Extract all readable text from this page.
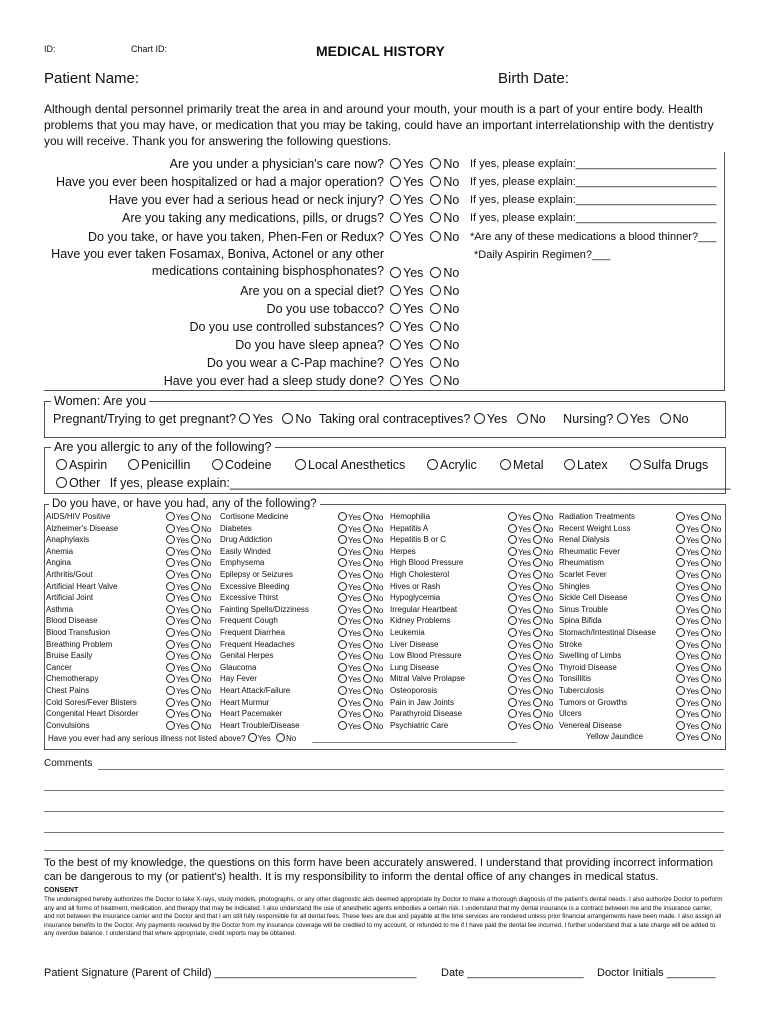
ID:	Chart ID:	MEDICAL HISTORY
Patient Name:	Birth Date:
Although dental personnel primarily treat the area in and around your mouth, your mouth is a part of your entire body. Health problems that you may have, or medication that you may be taking, could have an important interrelationship with the dentistry you will receive. Thank you for answering the following questions.
Are you under a physician's care now?	Yes No If yes, please explain:_______________________
Have you ever been hospitalized or had a major operation?	Yes No If yes, please explain:_______________________
Have you ever had a serious head or neck injury?	Yes No If yes, please explain:_______________________
Are you taking any medications, pills, or drugs?	Yes No If yes, please explain:_______________________
Do you take, or have you taken, Phen-Fen or Redux?	Yes No *Are any of these medications a blood thinner?___
Have you ever taken Fosamax, Boniva, Actonel or any other medications containing bisphosphonates?	Yes No
*Daily Aspirin Regimen?___
Are you on a special diet?	Yes No
Do you use tobacco?	Yes No
Do you use controlled substances?	Yes No
Do you have sleep apnea?	Yes No
Do you wear a C-Pap machine?	Yes No
Have you ever had a sleep study done?	Yes No
Women: Are you
Pregnant/Trying to get pregnant? Yes No Taking oral contraceptives? Yes No Nursing? Yes No
Are you allergic to any of the following?
Aspirin	Penicillin	Codeine	Local Anesthetics	Acrylic	Metal	Latex	Sulfa Drugs
Other If yes, please explain:________________________________________________________________________
Do you have, or have you had, any of the following?
AIDS/HIV Positive	Yes No
Alzheimer's Disease	Yes No
Anaphylaxis	Yes No
Anemia	Yes No
Angina	Yes No
Arthritis/Gout	Yes No
Artificial Heart Valve	Yes No
Artificial Joint	Yes No
Asthma	Yes No
Blood Disease	Yes No
Blood Transfusion	Yes No
Breathing Problem	Yes No
Bruise Easily	Yes No
Cancer	Yes No
Chemotherapy	Yes No
Chest Pains	Yes No
Cold Sores/Fever Blisters	Yes No
Congenital Heart Disorder	Yes No
Convulsions	Yes No
Cortisone Medicine	Yes No
Diabetes	Yes No
Drug Addiction	Yes No
Easily Winded	Yes No
Emphysema	Yes No
Epilepsy or Seizures	Yes No
Excessive Bleeding	Yes No
Excessive Thirst	Yes No
Fainting Spells/Dizziness	Yes No
Frequent Cough	Yes No
Frequent Diarrhea	Yes No
Frequent Headaches	Yes No
Genital Herpes	Yes No
Glaucoma	Yes No
Hay Fever	Yes No
Heart Attack/Failure	Yes No
Heart Murmur	Yes No
Heart Pacemaker	Yes No
Heart Trouble/Disease	Yes No
Hemophilia	Yes No
Hepatitis A	Yes No
Hepatitis B or C	Yes No
Herpes	Yes No
High Blood Pressure	Yes No
High Cholesterol	Yes No
Hives or Rash	Yes No
Hypoglycemia	Yes No
Irregular Heartbeat	Yes No
Kidney Problems	Yes No
Leukemia	Yes No
Liver Disease	Yes No
Low Blood Pressure	Yes No
Lung Disease	Yes No
Mitral Valve Prolapse	Yes No
Osteoporosis	Yes No
Pain in Jaw Joints	Yes No
Parathyroid Disease	Yes No
Psychiatric Care	Yes No
Radiation Treatments	Yes No
Recent Weight Loss	Yes No
Renal Dialysis	Yes No
Rheumatic Fever	Yes No
Rheumatism	Yes No
Scarlet Fever	Yes No
Shingles	Yes No
Sickle Cell Disease	Yes No
Sinus Trouble	Yes No
Spina Bifida	Yes No
Stomach/Intestinal Disease	Yes No
Stroke	Yes No
Swelling of Limbs	Yes No
Thyroid Disease	Yes No
Tonsillitis	Yes No
Tuberculosis	Yes No
Tumors or Growths	Yes No
Ulcers	Yes No
Venereal Disease	Yes No
Yellow Jaundice	Yes No
Have you ever had any serious illness not listed above? Yes No ______________________________________________
Comments
To the best of my knowledge, the questions on this form have been accurately answered. I understand that providing incorrect information can be dangerous to my (or patient's) health. It is my responsibility to inform the dental office of any changes in medical status.
CONSENT
The undersigned hereby authorizes the Doctor to take X-rays, study models, photographs, or any other diagnostic aids deemed appropriate by Doctor to make a thorough diagnosis of the patient's dental needs. I also authorize Doctor to perform any and all forms of treatment, medication, and therapy that may be indicated. I also understand the use of anesthetic agents embodies a certain risk. I understand that my dental insurance is a contract between me and the insurance carrier, and not between the insurance carrier and the Doctor and that I am still fully responsible for all dental fees. These fees are due and payable at the time services are rendered unless prior financial arrangements have been made. I also assign all insurance benefits to the Doctor. Any payments received by the Doctor from my insurance coverage will be credited to my account, or refunded to me if I have paid the dental fee incurred. I further understand that a late charge will be added to any overdue balance. I understand that where appropriate, credit reports may be obtained.
Patient Signature (Parent of Child) _________________________________ Date ___________________ Doctor Initials ________
